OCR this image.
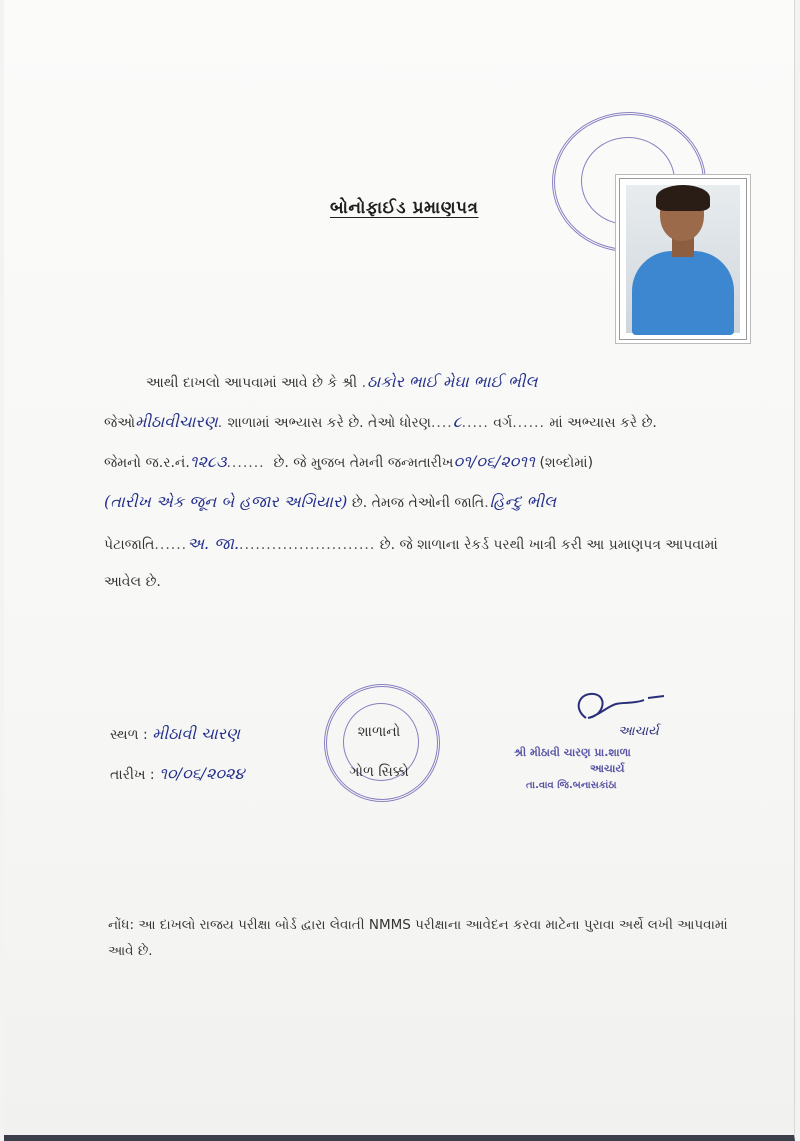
બોનોફાઈડ પ્રમાણપત્ર
આથી દાખલો આપવામાં આવે છે કે શ્રી .ઠાકોર ભાઈ મેઘા ભાઈ ભીલ
જેઓમીઠાવીચારણ. શાળામાં અભ્યાસ કરે છે. તેઓ ધોરણ....૮..... વર્ગ...... માં અભ્યાસ કરે છે.
જેમનો જ.ર.નં.૧૨૮૩....... છે. જે મુજબ તેમની જન્મતારીખ૦૧/૦૬/૨૦૧૧ (શબ્દોમાં)
(તારીખ એક જૂન બે હજાર અગિયાર) છે. તેમજ તેઓની જાતિ.હિન્દુ ભીલ
પેટાજાતિ......અ. જા.......................... છે. જે શાળાના રેકર્ડ પરથી ખાત્રી કરી આ પ્રમાણપત્ર આપવામાં
આવેલ છે.
સ્થળ : મીઠાવી ચારણ
તારીખ : ૧૦/૦૬/૨૦૨૪
શાળાનો
ગોળ સિક્કો
આચાર્ય
શ્રી મીઠાવી ચારણ પ્રા.શાળા
આચાર્ય
તા.વાવ જિ.બનાસકાંઠા
નોંધ: આ દાખલો રાજય પરીક્ષા બોર્ડ દ્વારા લેવાતી NMMS પરીક્ષાના આવેદન કરવા માટેના પુરાવા અર્થે લખી આપવામાં આવે છે.
